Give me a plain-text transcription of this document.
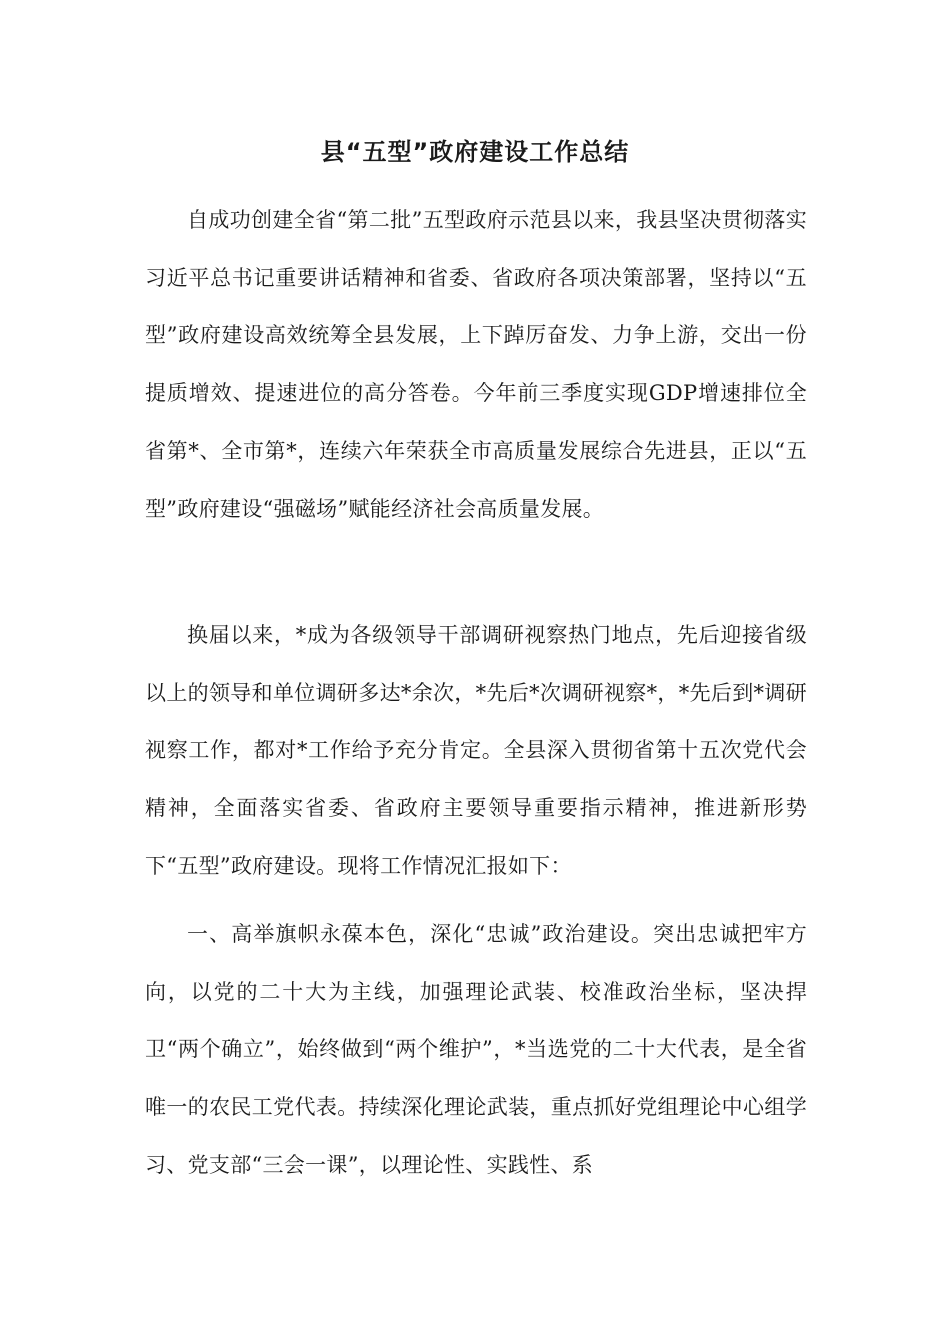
县“五型”政府建设工作总结

自成功创建全省“第二批”五型政府示范县以来，我县坚决贯彻落实习近平总书记重要讲话精神和省委、省政府各项决策部署，坚持以“五型”政府建设高效统筹全县发展，上下踔厉奋发、力争上游，交出一份提质增效、提速进位的高分答卷。今年前三季度实现GDP增速排位全省第*、全市第*，连续六年荣获全市高质量发展综合先进县，正以“五型”政府建设“强磁场”赋能经济社会高质量发展。

换届以来，*成为各级领导干部调研视察热门地点，先后迎接省级以上的领导和单位调研多达*余次，*先后*次调研视察*，*先后到*调研视察工作，都对*工作给予充分肯定。全县深入贯彻省第十五次党代会精神，全面落实省委、省政府主要领导重要指示精神，推进新形势下“五型”政府建设。现将工作情况汇报如下：

一、高举旗帜永葆本色，深化“忠诚”政治建设。突出忠诚把牢方向，以党的二十大为主线，加强理论武装、校准政治坐标，坚决捍卫“两个确立”，始终做到“两个维护”，*当选党的二十大代表，是全省唯一的农民工党代表。持续深化理论武装，重点抓好党组理论中心组学习、党支部“三会一课”，以理论性、实践性、系
